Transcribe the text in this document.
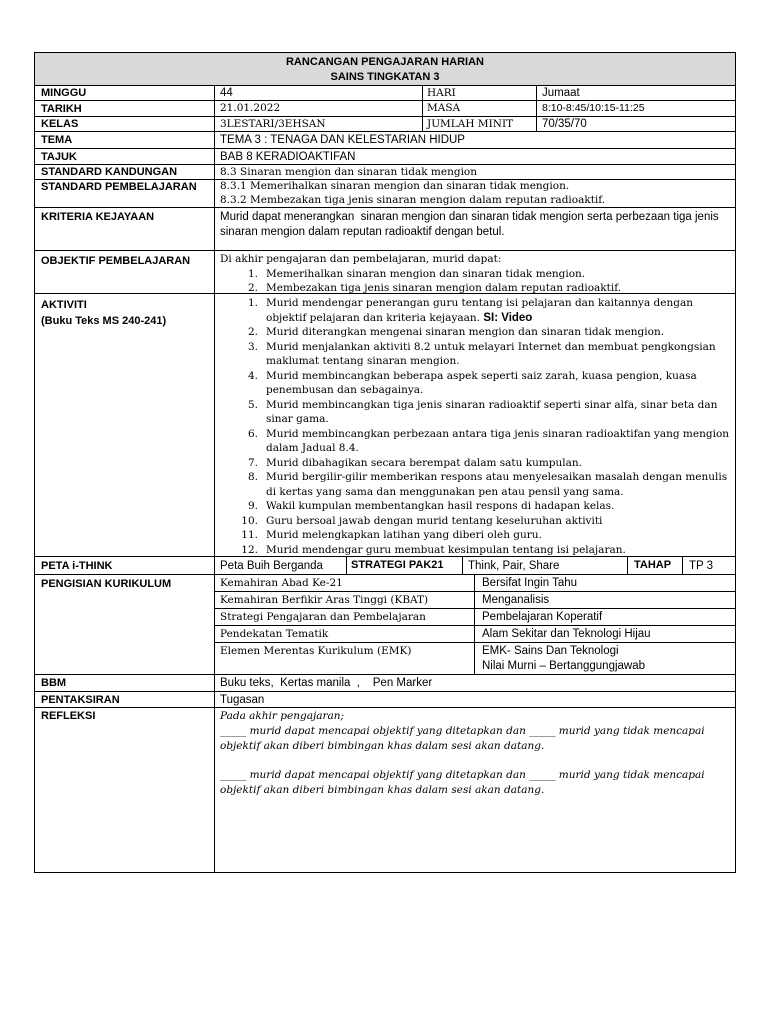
RANCANGAN PENGAJARAN HARIAN
SAINS TINGKATAN 3
MINGGU	44	HARI	Jumaat
TARIKH	21.01.2022	MASA	8:10-8:45/10:15-11:25
KELAS	3LESTARI/3EHSAN	JUMLAH MINIT	70/35/70
TEMA	TEMA 3 : TENAGA DAN KELESTARIAN HIDUP
TAJUK	BAB 8 KERADIOAKTIFAN
STANDARD KANDUNGAN	8.3 Sinaran mengion dan sinaran tidak mengion
STANDARD PEMBELAJARAN	8.3.1 Memerihalkan sinaran mengion dan sinaran tidak mengion.
8.3.2 Membezakan tiga jenis sinaran mengion dalam reputan radioaktif.
KRITERIA KEJAYAAN	Murid dapat menerangkan  sinaran mengion dan sinaran tidak mengion serta perbezaan tiga jenis sinaran mengion dalam reputan radioaktif dengan betul.
OBJEKTIF PEMBELAJARAN	Di akhir pengajaran dan pembelajaran, murid dapat:
1. Memerihalkan sinaran mengion dan sinaran tidak mengion.
2. Membezakan tiga jenis sinaran mengion dalam reputan radioaktif.
AKTIVITI
(Buku Teks MS 240-241)
1. Murid mendengar penerangan guru tentang isi pelajaran dan kaitannya dengan objektif pelajaran dan kriteria kejayaan. SI: Video
2. Murid diterangkan mengenai sinaran mengion dan sinaran tidak mengion.
3. Murid menjalankan aktiviti 8.2 untuk melayari Internet dan membuat pengkongsian maklumat tentang sinaran mengion.
4. Murid membincangkan beberapa aspek seperti saiz zarah, kuasa pengion, kuasa penembusan dan sebagainya.
5. Murid membincangkan tiga jenis sinaran radioaktif seperti sinar alfa, sinar beta dan sinar gama.
6. Murid membincangkan perbezaan antara tiga jenis sinaran radioaktifan yang mengion dalam Jadual 8.4.
7. Murid dibahagikan secara berempat dalam satu kumpulan.
8. Murid bergilir-gilir memberikan respons atau menyelesaikan masalah dengan menulis di kertas yang sama dan menggunakan pen atau pensil yang sama.
9. Wakil kumpulan membentangkan hasil respons di hadapan kelas.
10. Guru bersoal jawab dengan murid tentang keseluruhan aktiviti
11. Murid melengkapkan latihan yang diberi oleh guru.
12. Murid mendengar guru membuat kesimpulan tentang isi pelajaran.
PETA i-THINK	Peta Buih Berganda	STRATEGI PAK21	Think, Pair, Share	TAHAP	TP 3
PENGISIAN KURIKULUM	Kemahiran Abad Ke-21	Bersifat Ingin Tahu
Kemahiran Berfikir Aras Tinggi (KBAT)	Menganalisis
Strategi Pengajaran dan Pembelajaran	Pembelajaran Koperatif
Pendekatan Tematik	Alam Sekitar dan Teknologi Hijau
Elemen Merentas Kurikulum (EMK)	EMK- Sains Dan Teknologi
Nilai Murni – Bertanggungjawab
BBM	Buku teks,  Kertas manila  ,    Pen Marker
PENTAKSIRAN	Tugasan
REFLEKSI	Pada akhir pengajaran;

_____ murid dapat mencapai objektif yang ditetapkan dan _____ murid yang tidak mencapai objektif akan diberi bimbingan khas dalam sesi akan datang.

_____ murid dapat mencapai objektif yang ditetapkan dan _____ murid yang tidak mencapai objektif akan diberi bimbingan khas dalam sesi akan datang.
